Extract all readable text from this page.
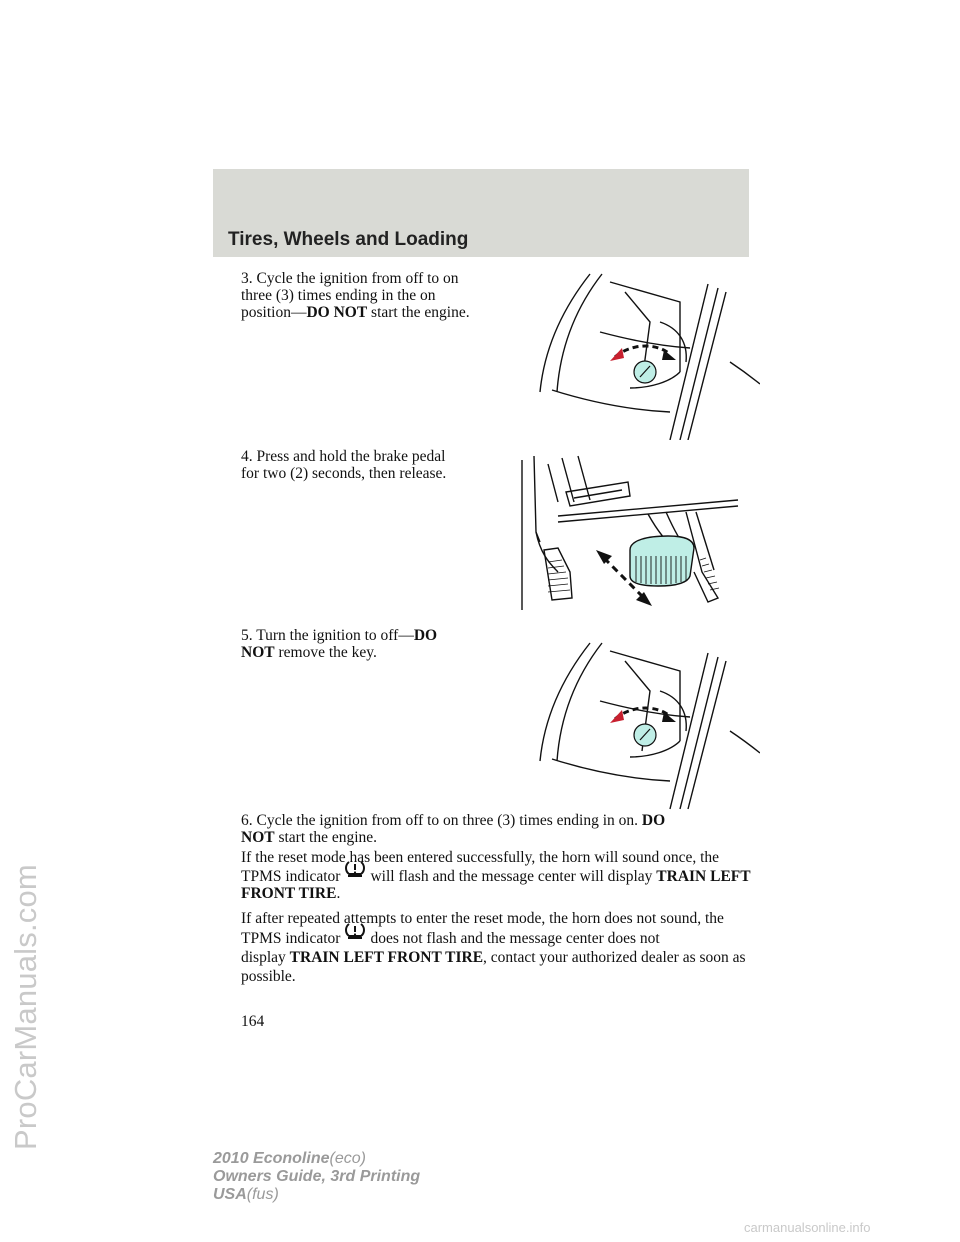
ProCarManuals.com
Tires, Wheels and Loading
3. Cycle the ignition from off to on
three (3) times ending in the on
position—DO NOT start the engine.
4. Press and hold the brake pedal
for two (2) seconds, then release.
5. Turn the ignition to off—DO
NOT remove the key.
6. Cycle the ignition from off to on three (3) times ending in on. DO
NOT start the engine.
If the reset mode has been entered successfully, the horn will sound once, the TPMS indicator will flash and the message center will display TRAIN LEFT FRONT TIRE.
If after repeated attempts to enter the reset mode, the horn does not sound, the TPMS indicator does not flash and the message center does not display TRAIN LEFT FRONT TIRE, contact your authorized dealer as soon as possible.
164
2010 Econoline(eco)
Owners Guide, 3rd Printing
USA(fus)
carmanualsonline.info
